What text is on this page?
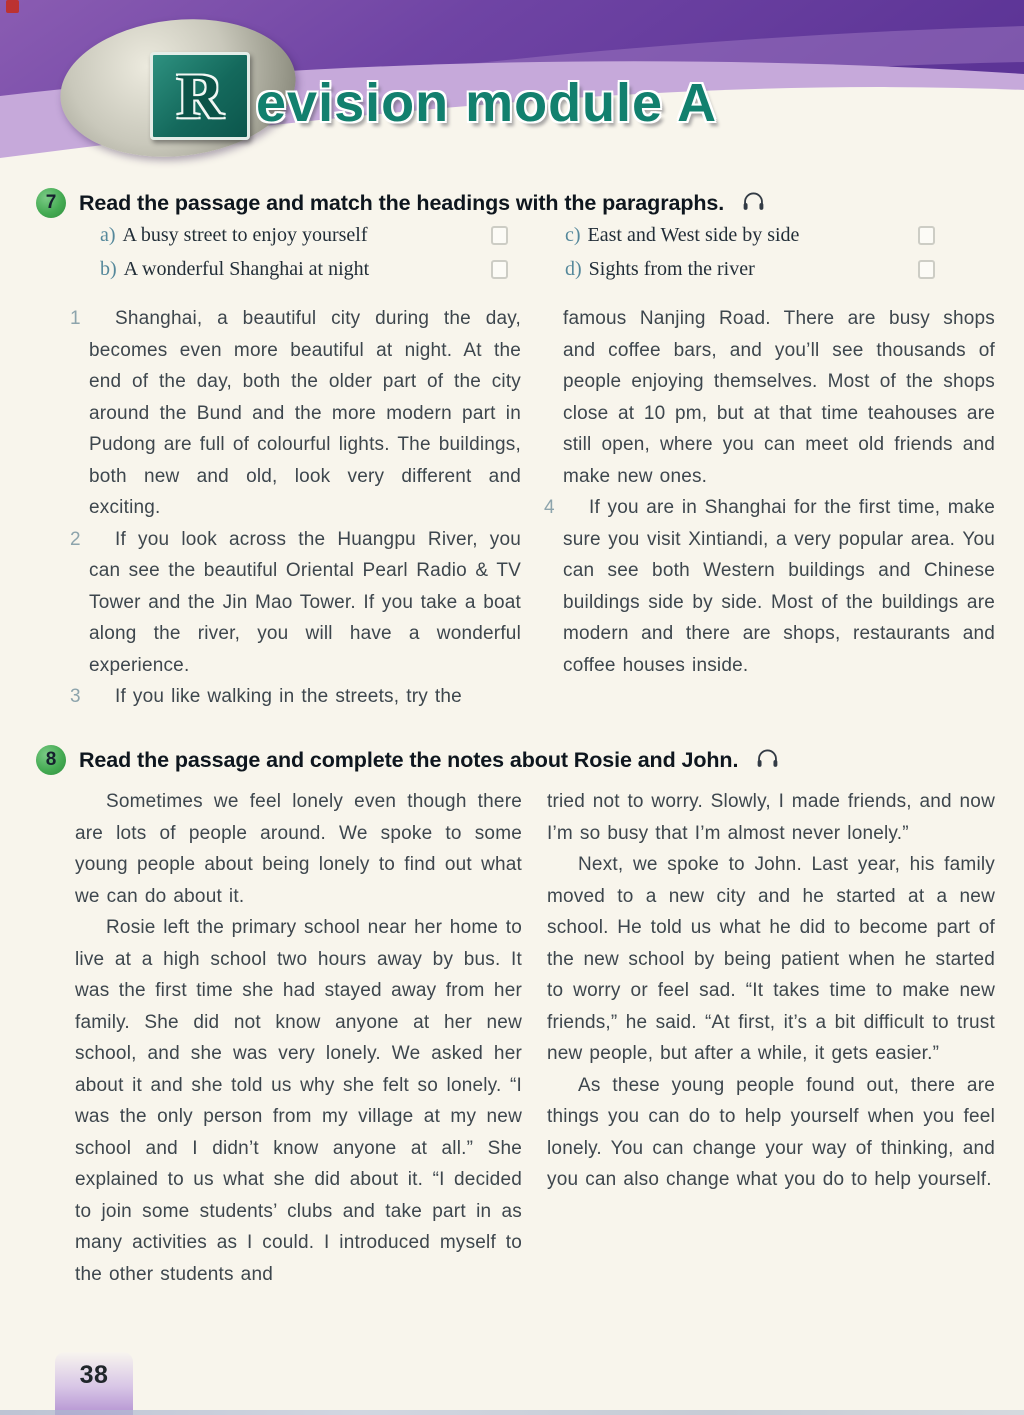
R evision module A
7	Read the passage and match the headings with the paragraphs.
a) A busy street to enjoy yourself
b) A wonderful Shanghai at night
c) East and West side by side
d) Sights from the river
1 Shanghai, a beautiful city during the day, becomes even more beautiful at night. At the end of the day, both the older part of the city around the Bund and the more modern part in Pudong are full of colourful lights. The buildings, both new and old, look very different and exciting.
2 If you look across the Huangpu River, you can see the beautiful Oriental Pearl Radio & TV Tower and the Jin Mao Tower. If you take a boat along the river, you will have a wonderful experience.
3 If you like walking in the streets, try the
famous Nanjing Road. There are busy shops and coffee bars, and you’ll see thousands of people enjoying themselves. Most of the shops close at 10 pm, but at that time teahouses are still open, where you can meet old friends and make new ones.
4 If you are in Shanghai for the first time, make sure you visit Xintiandi, a very popular area. You can see both Western buildings and Chinese buildings side by side. Most of the buildings are modern and there are shops, restaurants and coffee houses inside.
8	Read the passage and complete the notes about Rosie and John.
Sometimes we feel lonely even though there are lots of people around. We spoke to some young people about being lonely to find out what we can do about it.
Rosie left the primary school near her home to live at a high school two hours away by bus. It was the first time she had stayed away from her family. She did not know anyone at her new school, and she was very lonely. We asked her about it and she told us why she felt so lonely. “I was the only person from my village at my new school and I didn’t know anyone at all.” She explained to us what she did about it. “I decided to join some students’ clubs and take part in as many activities as I could. I introduced myself to the other students and
tried not to worry. Slowly, I made friends, and now I’m so busy that I’m almost never lonely.”
Next, we spoke to John. Last year, his family moved to a new city and he started at a new school. He told us what he did to become part of the new school by being patient when he started to worry or feel sad. “It takes time to make new friends,” he said. “At first, it’s a bit difficult to trust new people, but after a while, it gets easier.”
As these young people found out, there are things you can do to help yourself when you feel lonely. You can change your way of thinking, and you can also change what you do to help yourself.
38
